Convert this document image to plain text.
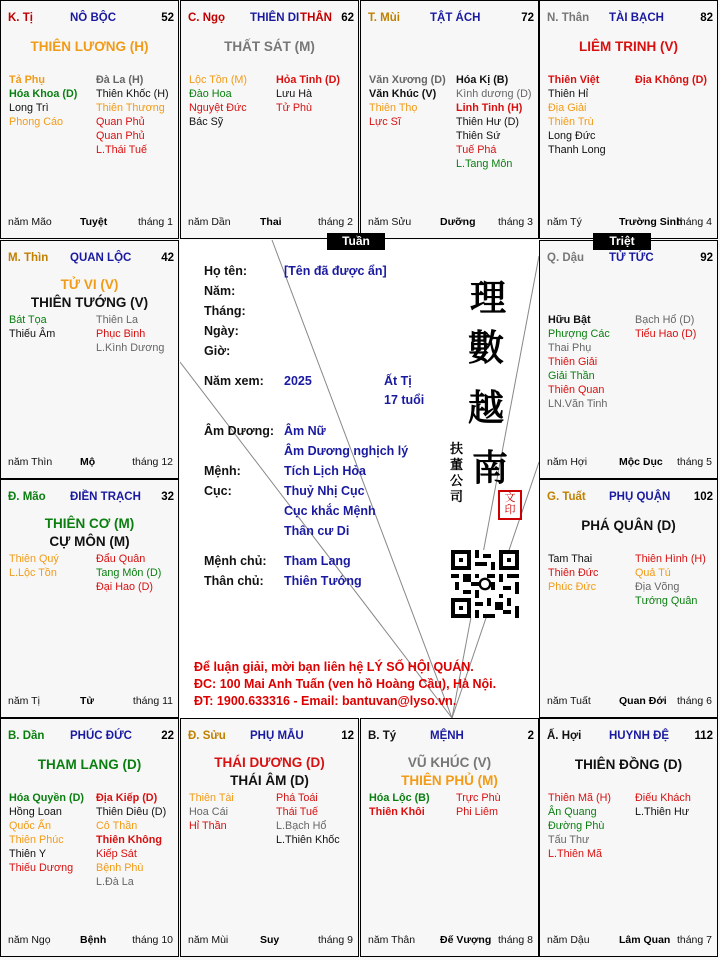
K. Tị	NÔ BỘC	52
THIÊN LƯƠNG (H)
Tả Phụ
Hóa Khoa (D)
Long Trì
Phong Cáo
Đà La (H)
Thiên Khốc (H)
Thiên Thương
Quan Phủ
Quan Phủ
L.Thái Tuế
năm Mão	Tuyệt	tháng 1
C. Ngọ THIÊN DI THÂN 62
THẤT SÁT (M)
Lộc Tồn (M)
Đào Hoa
Nguyệt Đức
Bác Sỹ
Hỏa Tinh (D)
Lưu Hà
Tử Phù
năm Dần	Thai	tháng 2
T. Mùi	TẬT ÁCH	72
Văn Xương (D)
Văn Khúc (V)
Thiên Thọ
Lực Sĩ
Hóa Kị (B)
Kình dương (D)
Linh Tinh (H)
Thiên Hư (D)
Thiên Sứ
Tuế Phá
L.Tang Môn
năm Sửu	Dưỡng tháng 3
N. Thân TÀI BẠCH	82
LIÊM TRINH (V)
Thiên Việt
Thiên Hỉ
Địa Giải
Thiên Trù
Long Đức
Thanh Long
Địa Không (D)
năm Tý	Trường Sinh
tháng 4
M. Thìn QUAN LỘC	42
TỬ VI (V)
THIÊN TƯỚNG (V)
Bát Tọa
Thiếu Âm
Thiên La
Phục Binh
L.Kình Dương
năm Thìn	Mộ	tháng 12
Q. Dậu TỬ TỨC	92
Hữu Bật
Phượng Các
Thai Phụ
Thiên Giải
Giải Thần
Thiên Quan
LN.Văn Tinh
Bạch Hổ (D)
Tiểu Hao (D)
năm Hợi	Mộc Dục tháng 5
Đ. Mão ĐIỀN TRẠCH 32
THIÊN CƠ (M)
CỰ MÔN (M)
Thiên Quý
L.Lộc Tồn
Đẩu Quân
Tang Môn (D)
Đại Hao (D)
năm Tị	Tử	tháng 11
G. Tuất PHỤ QUẬN 102
PHÁ QUÂN (D)
Tam Thai
Thiên Đức
Phúc Đức
Thiên Hình (H)
Quả Tú
Địa Võng
Tướng Quân
năm Tuất	Quan Đới tháng 6
B. Dần PHÚC ĐỨC	22
THAM LANG (D)
Hóa Quyền (D)
Hồng Loan
Quốc Ấn
Thiên Phúc
Thiên Y
Thiếu Dương
Địa Kiếp (D)
Thiên Diêu (D)
Cô Thần
Thiên Không
Kiếp Sát
Bệnh Phù
L.Đà La
năm Ngọ	Bệnh tháng 10
Đ. Sửu PHỤ MẪU	12
THÁI DƯƠNG (D)
THÁI ÂM (D)
Thiên Tài
Hoa Cái
Hỉ Thần
Phá Toái
Thái Tuế
L.Bạch Hổ
L.Thiên Khốc
năm Mùi	Suy	tháng 9
B. Tý	MỆNH	2
VŨ KHÚC (V)
THIÊN PHỦ (M)
Hóa Lộc (B)
Thiên Khôi
Trực Phù
Phi Liêm
năm Thân Đế Vượng tháng 8
Ấ. Hợi HUYNH ĐỆ 112
THIÊN ĐỒNG (D)
Thiên Mã (H)
Ân Quang
Đường Phù
Tấu Thư
L.Thiên Mã
Điếu Khách
L.Thiên Hư
năm Dậu	Lâm Quan tháng 7
Họ tên:	[Tên đã được ẩn]
Năm:
Tháng:
Ngày:
Giờ:
Năm xem: 2025	Ất Tị
17 tuổi
Âm Dương: Âm Nữ
Âm Dương nghịch lý
Mệnh:	Tích Lịch Hỏa
Cục:	Thuỷ Nhị Cục
Cục khắc Mệnh
Thân cư Di
Mệnh chủ: Tham Lang
Thân chủ: Thiên Tướng
理
數
越
南
扶 董 公 司	文印
Để luận giải, mời bạn liên hệ LÝ SỐ HỘI QUÁN.
ĐC: 100 Mai Anh Tuấn (ven hồ Hoàng Cầu), Hà Nội.
ĐT: 1900.633316 - Email: bantuvan@lyso.vn.
Tuần	Triệt
